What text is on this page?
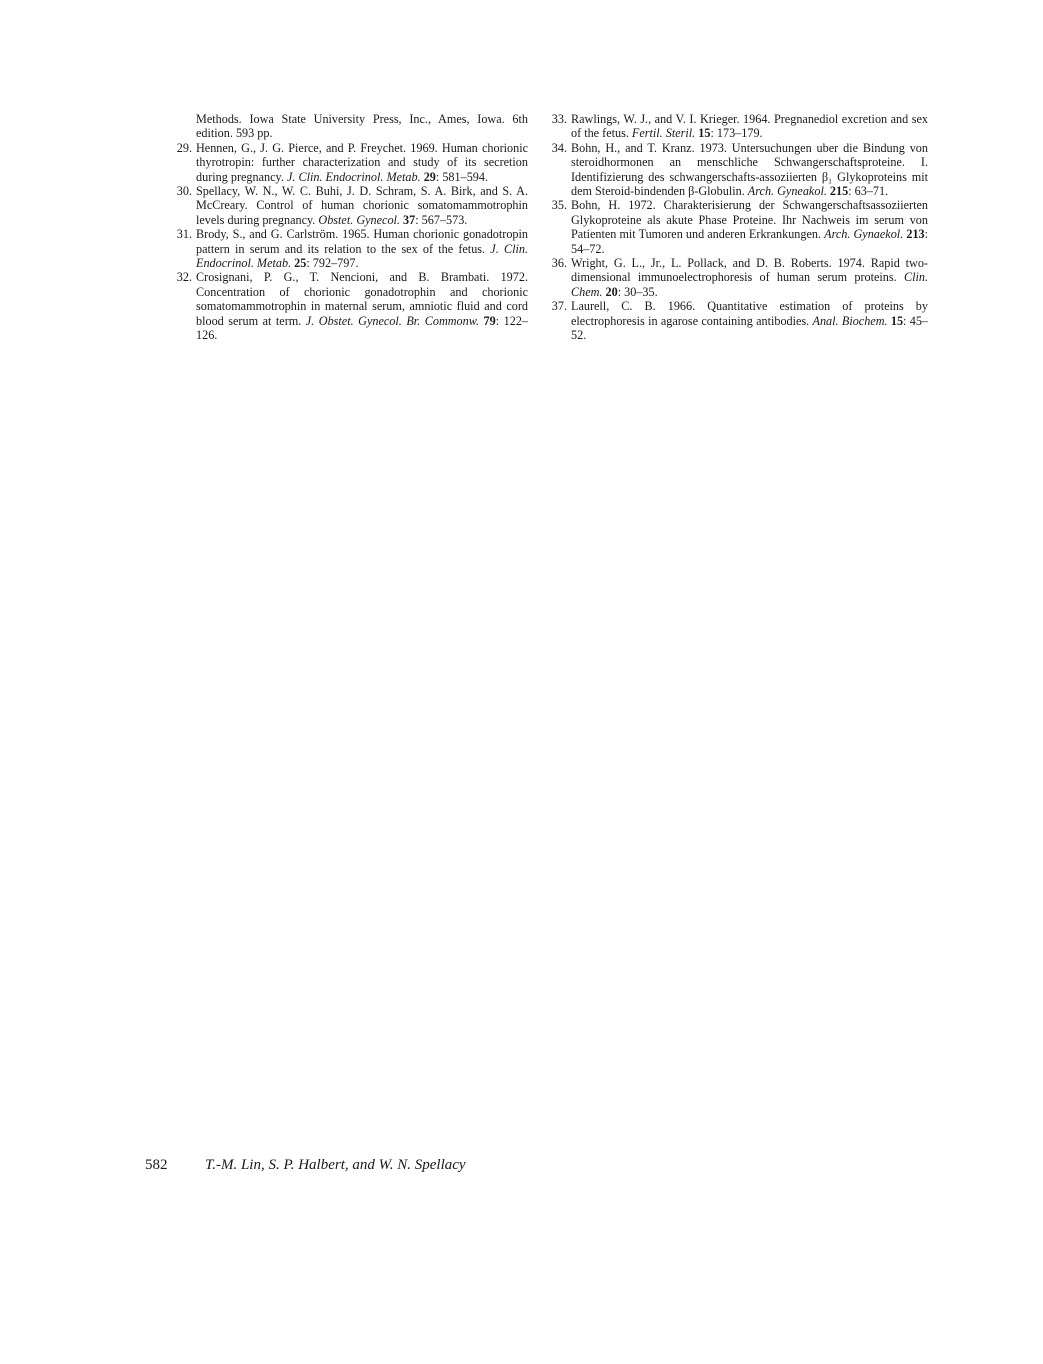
Methods. Iowa State University Press, Inc., Ames, Iowa. 6th edition. 593 pp.
29. Hennen, G., J. G. Pierce, and P. Freychet. 1969. Human chorionic thyrotropin: further characterization and study of its secretion during pregnancy. J. Clin. Endocrinol. Metab. 29: 581–594.
30. Spellacy, W. N., W. C. Buhi, J. D. Schram, S. A. Birk, and S. A. McCreary. Control of human chorionic somatomammotrophin levels during pregnancy. Obstet. Gynecol. 37: 567–573.
31. Brody, S., and G. Carlström. 1965. Human chorionic gonadotropin pattern in serum and its relation to the sex of the fetus. J. Clin. Endocrinol. Metab. 25: 792–797.
32. Crosignani, P. G., T. Nencioni, and B. Brambati. 1972. Concentration of chorionic gonadotrophin and chorionic somatomammotrophin in maternal serum, amniotic fluid and cord blood serum at term. J. Obstet. Gynecol. Br. Commonw. 79: 122–126.
33. Rawlings, W. J., and V. I. Krieger. 1964. Pregnanediol excretion and sex of the fetus. Fertil. Steril. 15: 173–179.
34. Bohn, H., and T. Kranz. 1973. Untersuchungen uber die Bindung von steroidhormonen an menschliche Schwangerschaftsproteine. I. Identifizierung des schwangerschafts-assoziierten β₁ Glykoproteins mit dem Steroid-bindenden β-Globulin. Arch. Gyneakol. 215: 63–71.
35. Bohn, H. 1972. Charakterisierung der Schwangerschaftsassoziierten Glykoproteine als akute Phase Proteine. Ihr Nachweis im serum von Patienten mit Tumoren und anderen Erkrankungen. Arch. Gynaekol. 213: 54–72.
36. Wright, G. L., Jr., L. Pollack, and D. B. Roberts. 1974. Rapid two-dimensional immunoelectrophoresis of human serum proteins. Clin. Chem. 20: 30–35.
37. Laurell, C. B. 1966. Quantitative estimation of proteins by electrophoresis in agarose containing antibodies. Anal. Biochem. 15: 45–52.
582	T.-M. Lin, S. P. Halbert, and W. N. Spellacy
